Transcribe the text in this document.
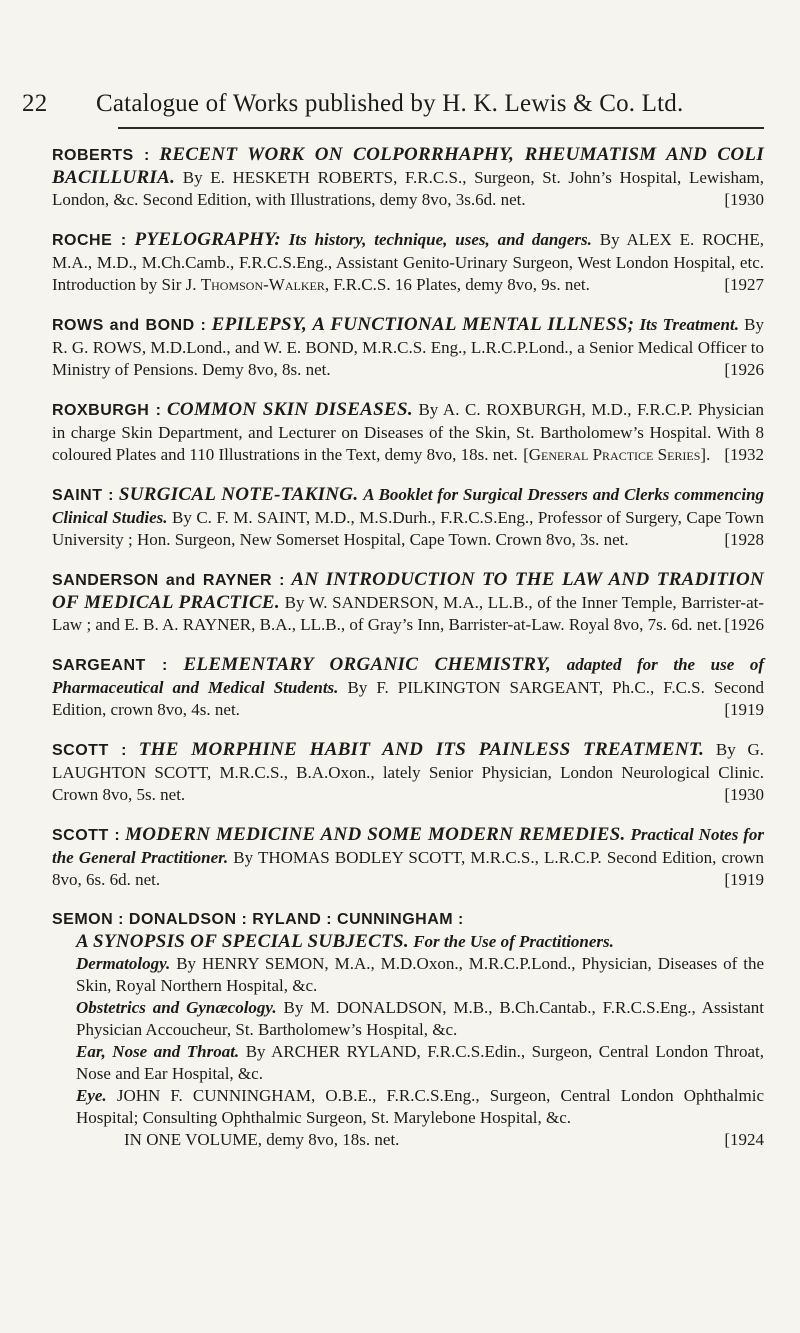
22 Catalogue of Works published by H. K. Lewis & Co. Ltd.

ROBERTS : RECENT WORK ON COLPORRHAPHY, RHEUMATISM AND COLI BACILLURIA. By E. HESKETH ROBERTS, F.R.C.S., Surgeon, St. John’s Hospital, Lewisham, London, &c. Second Edition, with Illustrations, demy 8vo, 3s.6d. net.	[1930

ROCHE : PYELOGRAPHY: Its history, technique, uses, and dangers. By ALEX E. ROCHE, M.A., M.D., M.Ch.Camb., F.R.C.S.Eng., Assistant Genito-Urinary Surgeon, West London Hospital, etc. Introduction by Sir J. Thomson-Walker, F.R.C.S. 16 Plates, demy 8vo, 9s. net.	[1927

ROWS and BOND : EPILEPSY, A FUNCTIONAL MENTAL ILLNESS; Its Treatment. By R. G. ROWS, M.D.Lond., and W. E. BOND, M.R.C.S. Eng., L.R.C.P.Lond., a Senior Medical Officer to Ministry of Pensions. Demy 8vo, 8s. net.	[1926

ROXBURGH : COMMON SKIN DISEASES. By A. C. ROXBURGH, M.D., F.R.C.P. Physician in charge Skin Department, and Lecturer on Diseases of the Skin, St. Bartholomew’s Hospital. With 8 coloured Plates and 110 Illustrations in the Text, demy 8vo, 18s. net.	[1932
[General Practice Series].

SAINT : SURGICAL NOTE-TAKING. A Booklet for Surgical Dressers and Clerks commencing Clinical Studies. By C. F. M. SAINT, M.D., M.S.Durh., F.R.C.S.Eng., Professor of Surgery, Cape Town University ; Hon. Surgeon, New Somerset Hospital, Cape Town. Crown 8vo, 3s. net.	[1928

SANDERSON and RAYNER : AN INTRODUCTION TO THE LAW AND TRADITION OF MEDICAL PRACTICE. By W. SANDERSON, M.A., LL.B., of the Inner Temple, Barrister-at-Law ; and E. B. A. RAYNER, B.A., LL.B., of Gray’s Inn, Barrister-at-Law. Royal 8vo, 7s. 6d. net. [1926

SARGEANT : ELEMENTARY ORGANIC CHEMISTRY, adapted for the use of Pharmaceutical and Medical Students. By F. PILKINGTON SARGEANT, Ph.C., F.C.S. Second Edition, crown 8vo, 4s. net.	[1919

SCOTT : THE MORPHINE HABIT AND ITS PAINLESS TREATMENT. By G. LAUGHTON SCOTT, M.R.C.S., B.A.Oxon., lately Senior Physician, London Neurological Clinic. Crown 8vo, 5s. net.	[1930

SCOTT : MODERN MEDICINE AND SOME MODERN REMEDIES. Practical Notes for the General Practitioner. By THOMAS BODLEY SCOTT, M.R.C.S., L.R.C.P. Second Edition, crown 8vo, 6s. 6d. net.	[1919

SEMON : DONALDSON : RYLAND : CUNNINGHAM :
A SYNOPSIS OF SPECIAL SUBJECTS. For the Use of Practitioners.
Dermatology. By HENRY SEMON, M.A., M.D.Oxon., M.R.C.P.Lond., Physician, Diseases of the Skin, Royal Northern Hospital, &c.
Obstetrics and Gynæcology. By M. DONALDSON, M.B., B.Ch.Cantab., F.R.C.S.Eng., Assistant Physician Accoucheur, St. Bartholomew’s Hospital, &c.
Ear, Nose and Throat. By ARCHER RYLAND, F.R.C.S.Edin., Surgeon, Central London Throat, Nose and Ear Hospital, &c.
Eye. JOHN F. CUNNINGHAM, O.B.E., F.R.C.S.Eng., Surgeon, Central London Ophthalmic Hospital; Consulting Ophthalmic Surgeon, St. Marylebone Hospital, &c.
IN ONE VOLUME, demy 8vo, 18s. net.	[1924
